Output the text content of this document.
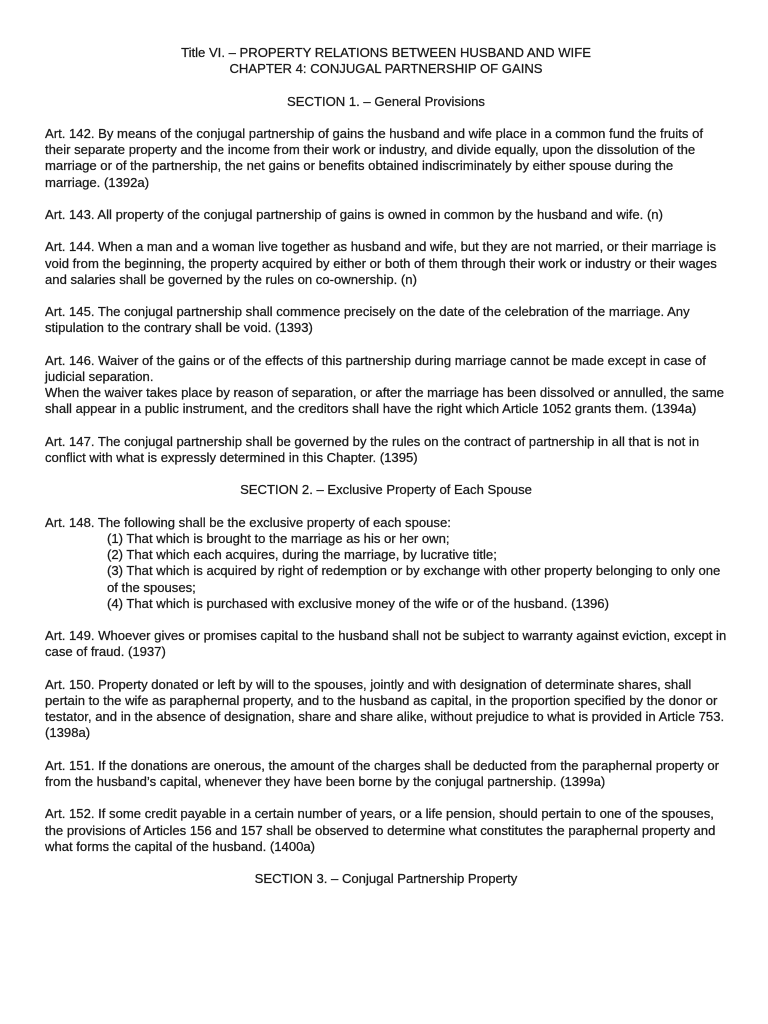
Title VI. – PROPERTY RELATIONS BETWEEN HUSBAND AND WIFE

CHAPTER 4: CONJUGAL PARTNERSHIP OF GAINS

SECTION 1. – General Provisions

Art. 142. By means of the conjugal partnership of gains the husband and wife place in a common fund the fruits of their separate property and the income from their work or industry, and divide equally, upon the dissolution of the marriage or of the partnership, the net gains or benefits obtained indiscriminately by either spouse during the marriage. (1392a)

Art. 143. All property of the conjugal partnership of gains is owned in common by the husband and wife. (n)

Art. 144. When a man and a woman live together as husband and wife, but they are not married, or their marriage is void from the beginning, the property acquired by either or both of them through their work or industry or their wages and salaries shall be governed by the rules on co-ownership. (n)

Art. 145. The conjugal partnership shall commence precisely on the date of the celebration of the marriage. Any stipulation to the contrary shall be void. (1393)

Art. 146. Waiver of the gains or of the effects of this partnership during marriage cannot be made except in case of judicial separation.

When the waiver takes place by reason of separation, or after the marriage has been dissolved or annulled, the same shall appear in a public instrument, and the creditors shall have the right which Article 1052 grants them. (1394a)

Art. 147. The conjugal partnership shall be governed by the rules on the contract of partnership in all that is not in conflict with what is expressly determined in this Chapter. (1395)

SECTION 2. – Exclusive Property of Each Spouse

Art. 148. The following shall be the exclusive property of each spouse:

(1) That which is brought to the marriage as his or her own;

(2) That which each acquires, during the marriage, by lucrative title;

(3) That which is acquired by right of redemption or by exchange with other property belonging to only one of the spouses;

(4) That which is purchased with exclusive money of the wife or of the husband. (1396)

Art. 149. Whoever gives or promises capital to the husband shall not be subject to warranty against eviction, except in case of fraud. (1937)

Art. 150. Property donated or left by will to the spouses, jointly and with designation of determinate shares, shall pertain to the wife as paraphernal property, and to the husband as capital, in the proportion specified by the donor or testator, and in the absence of designation, share and share alike, without prejudice to what is provided in Article 753. (1398a)

Art. 151. If the donations are onerous, the amount of the charges shall be deducted from the paraphernal property or from the husband’s capital, whenever they have been borne by the conjugal partnership. (1399a)

Art. 152. If some credit payable in a certain number of years, or a life pension, should pertain to one of the spouses, the provisions of Articles 156 and 157 shall be observed to determine what constitutes the paraphernal property and what forms the capital of the husband. (1400a)

SECTION 3. – Conjugal Partnership Property
